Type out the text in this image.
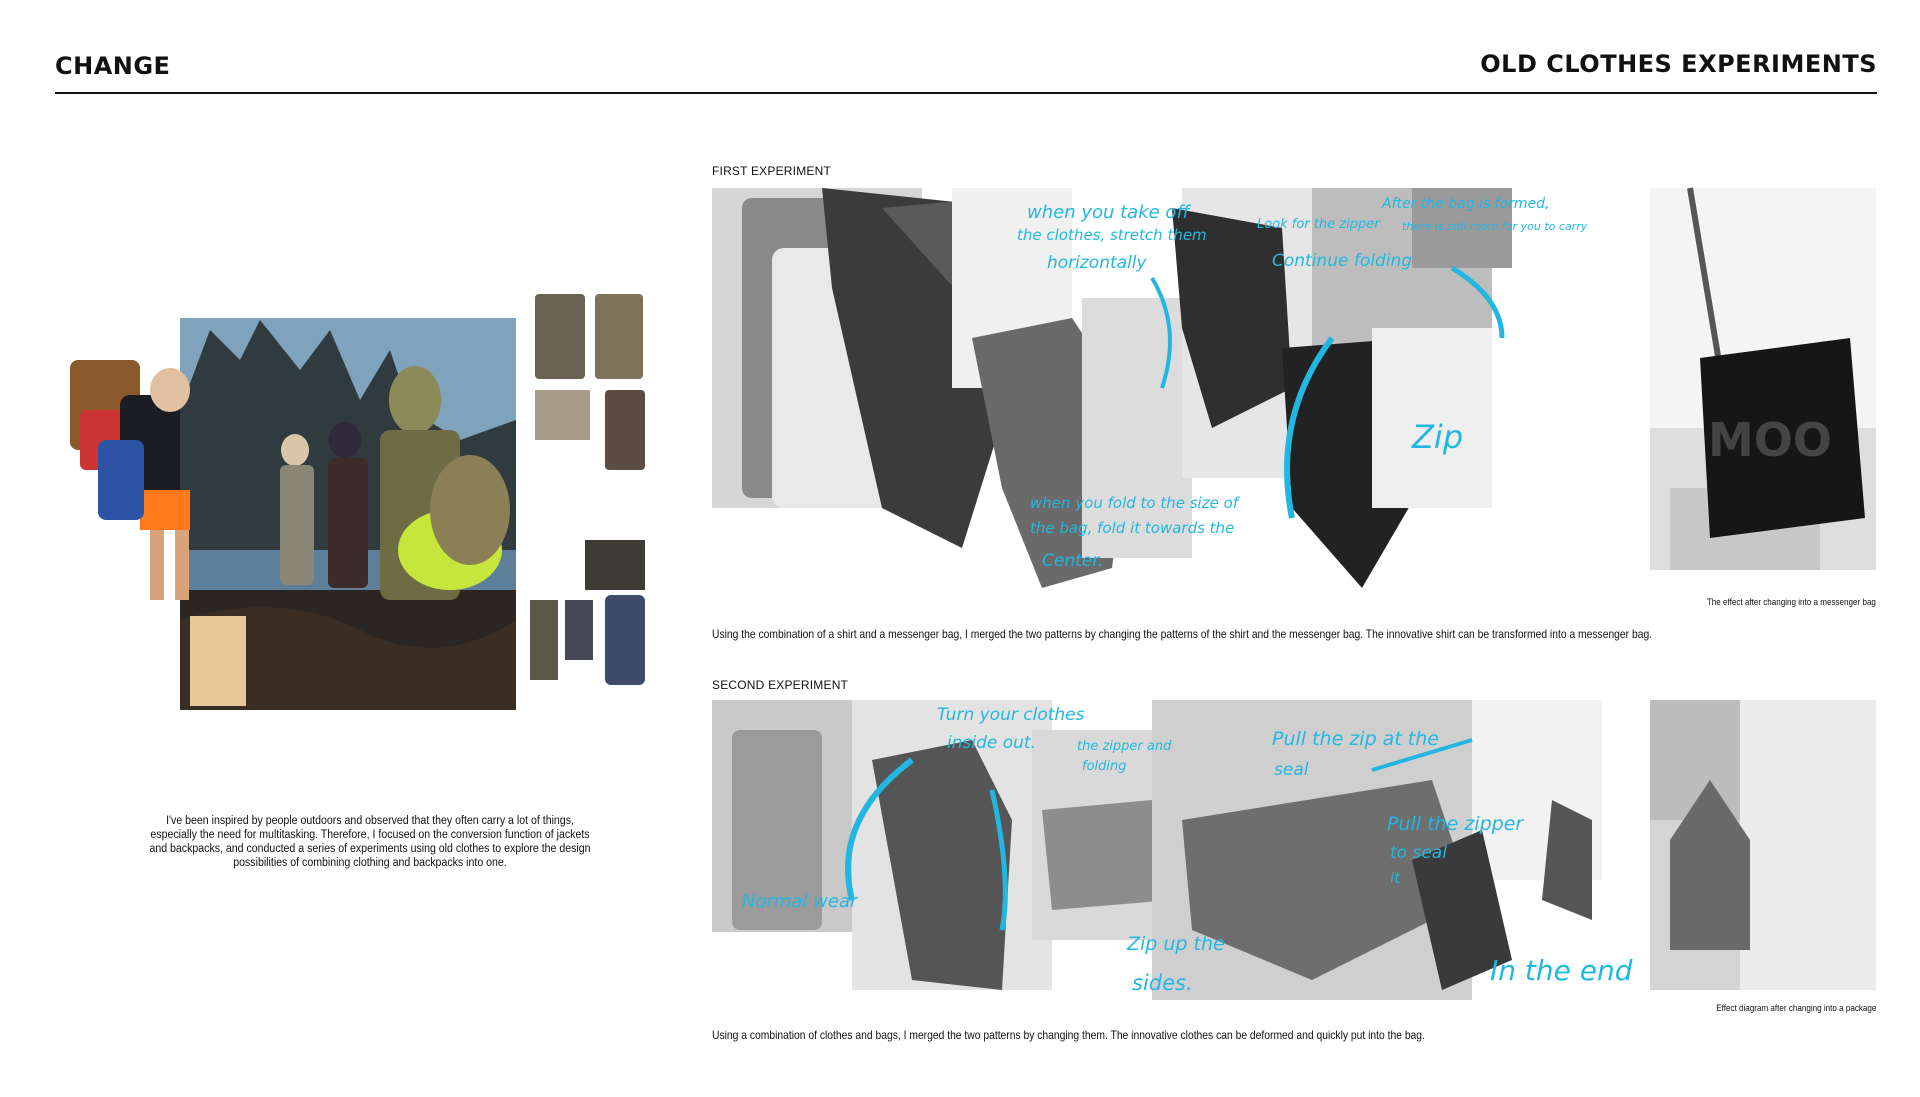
CHANGE	OLD CLOTHES EXPERIMENTS
I've been inspired by people outdoors and observed that they often carry a lot of things, especially the need for multitasking. Therefore, I focused on the conversion function of jackets and backpacks, and conducted a series of experiments using old clothes to explore the design possibilities of combining clothing and backpacks into one.
FIRST EXPERIMENT
when you take off
the clothes, stretch them
horizontally
Look for the zipper
Continue folding
After the bag is formed,
there is still room for you to carry
Zip
when you fold to the size of
the bag, fold it towards the
Center.
MOO
The effect after changing into a messenger bag
Using the combination of a shirt and a messenger bag, I merged the two patterns by changing the patterns of the shirt and the messenger bag. The innovative shirt can be transformed into a messenger bag.
SECOND EXPERIMENT
Turn your clothes
inside out.	the zipper and
folding
Pull the zip at the
seal
Pull the zipper
to seal
it
Normal wear
Zip up the
sides.	In the end
Effect diagram after changing into a package
Using a combination of clothes and bags, I merged the two patterns by changing them. The innovative clothes can be deformed and quickly put into the bag.
